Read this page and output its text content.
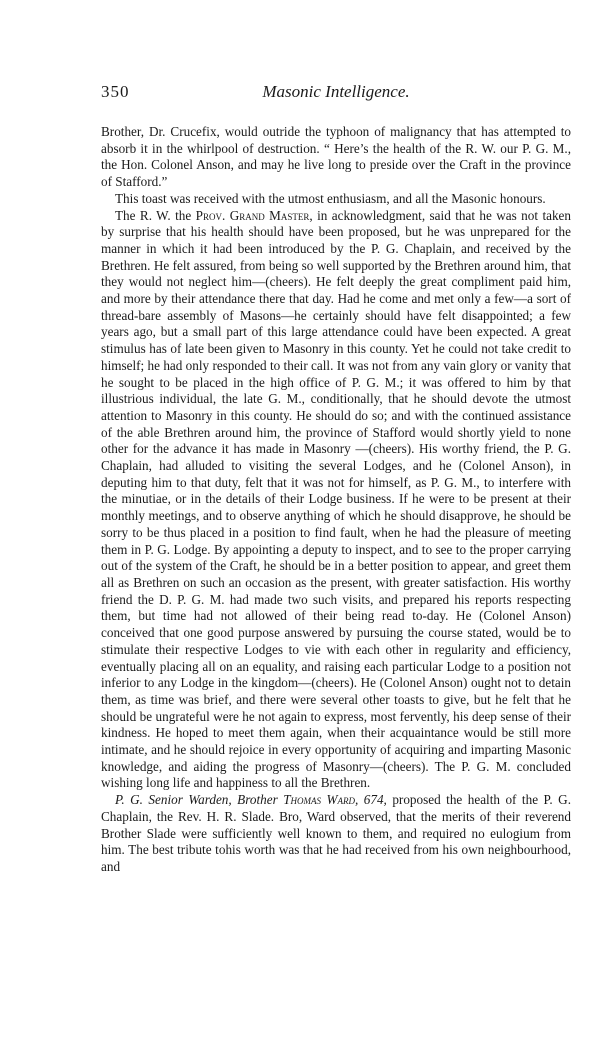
350	Masonic Intelligence.

Brother, Dr. Crucefix, would outride the typhoon of malignancy that has attempted to absorb it in the whirlpool of destruction. “ Here’s the health of the R. W. our P. G. M., the Hon. Colonel Anson, and may he live long to preside over the Craft in the province of Stafford.”

This toast was received with the utmost enthusiasm, and all the Masonic honours.

The R. W. the Prov. Grand Master, in acknowledgment, said that he was not taken by surprise that his health should have been proposed, but he was unprepared for the manner in which it had been introduced by the P. G. Chaplain, and received by the Brethren. He felt assured, from being so well supported by the Brethren around him, that they would not neglect him—(cheers). He felt deeply the great compliment paid him, and more by their attendance there that day. Had he come and met only a few—a sort of thread-bare assembly of Masons—he certainly should have felt disappointed; a few years ago, but a small part of this large attendance could have been expected. A great stimulus has of late been given to Masonry in this county. Yet he could not take credit to himself; he had only responded to their call. It was not from any vain glory or vanity that he sought to be placed in the high office of P. G. M.; it was offered to him by that illustrious individual, the late G. M., conditionally, that he should devote the utmost attention to Masonry in this county. He should do so; and with the continued assistance of the able Brethren around him, the province of Stafford would shortly yield to none other for the advance it has made in Masonry —(cheers). His worthy friend, the P. G. Chaplain, had alluded to visiting the several Lodges, and he (Colonel Anson), in deputing him to that duty, felt that it was not for himself, as P. G. M., to interfere with the minutiae, or in the details of their Lodge business. If he were to be present at their monthly meetings, and to observe anything of which he should disapprove, he should be sorry to be thus placed in a position to find fault, when he had the pleasure of meeting them in P. G. Lodge. By appointing a deputy to inspect, and to see to the proper carrying out of the system of the Craft, he should be in a better position to appear, and greet them all as Brethren on such an occasion as the present, with greater satisfaction. His worthy friend the D. P. G. M. had made two such visits, and prepared his reports respecting them, but time had not allowed of their being read to-day. He (Colonel Anson) conceived that one good purpose answered by pursuing the course stated, would be to stimulate their respective Lodges to vie with each other in regularity and efficiency, eventually placing all on an equality, and raising each particular Lodge to a position not inferior to any Lodge in the kingdom—(cheers). He (Colonel Anson) ought not to detain them, as time was brief, and there were several other toasts to give, but he felt that he should be ungrateful were he not again to express, most fervently, his deep sense of their kindness. He hoped to meet them again, when their acquaintance would be still more intimate, and he should rejoice in every opportunity of acquiring and imparting Masonic knowledge, and aiding the progress of Masonry—(cheers). The P. G. M. concluded wishing long life and happiness to all the Brethren.

P. G. Senior Warden, Brother Thomas Ward, 674, proposed the health of the P. G. Chaplain, the Rev. H. R. Slade. Bro, Ward observed, that the merits of their reverend Brother Slade were sufficiently well known to them, and required no eulogium from him. The best tribute tohis worth was that he had received from his own neighbourhood, and
